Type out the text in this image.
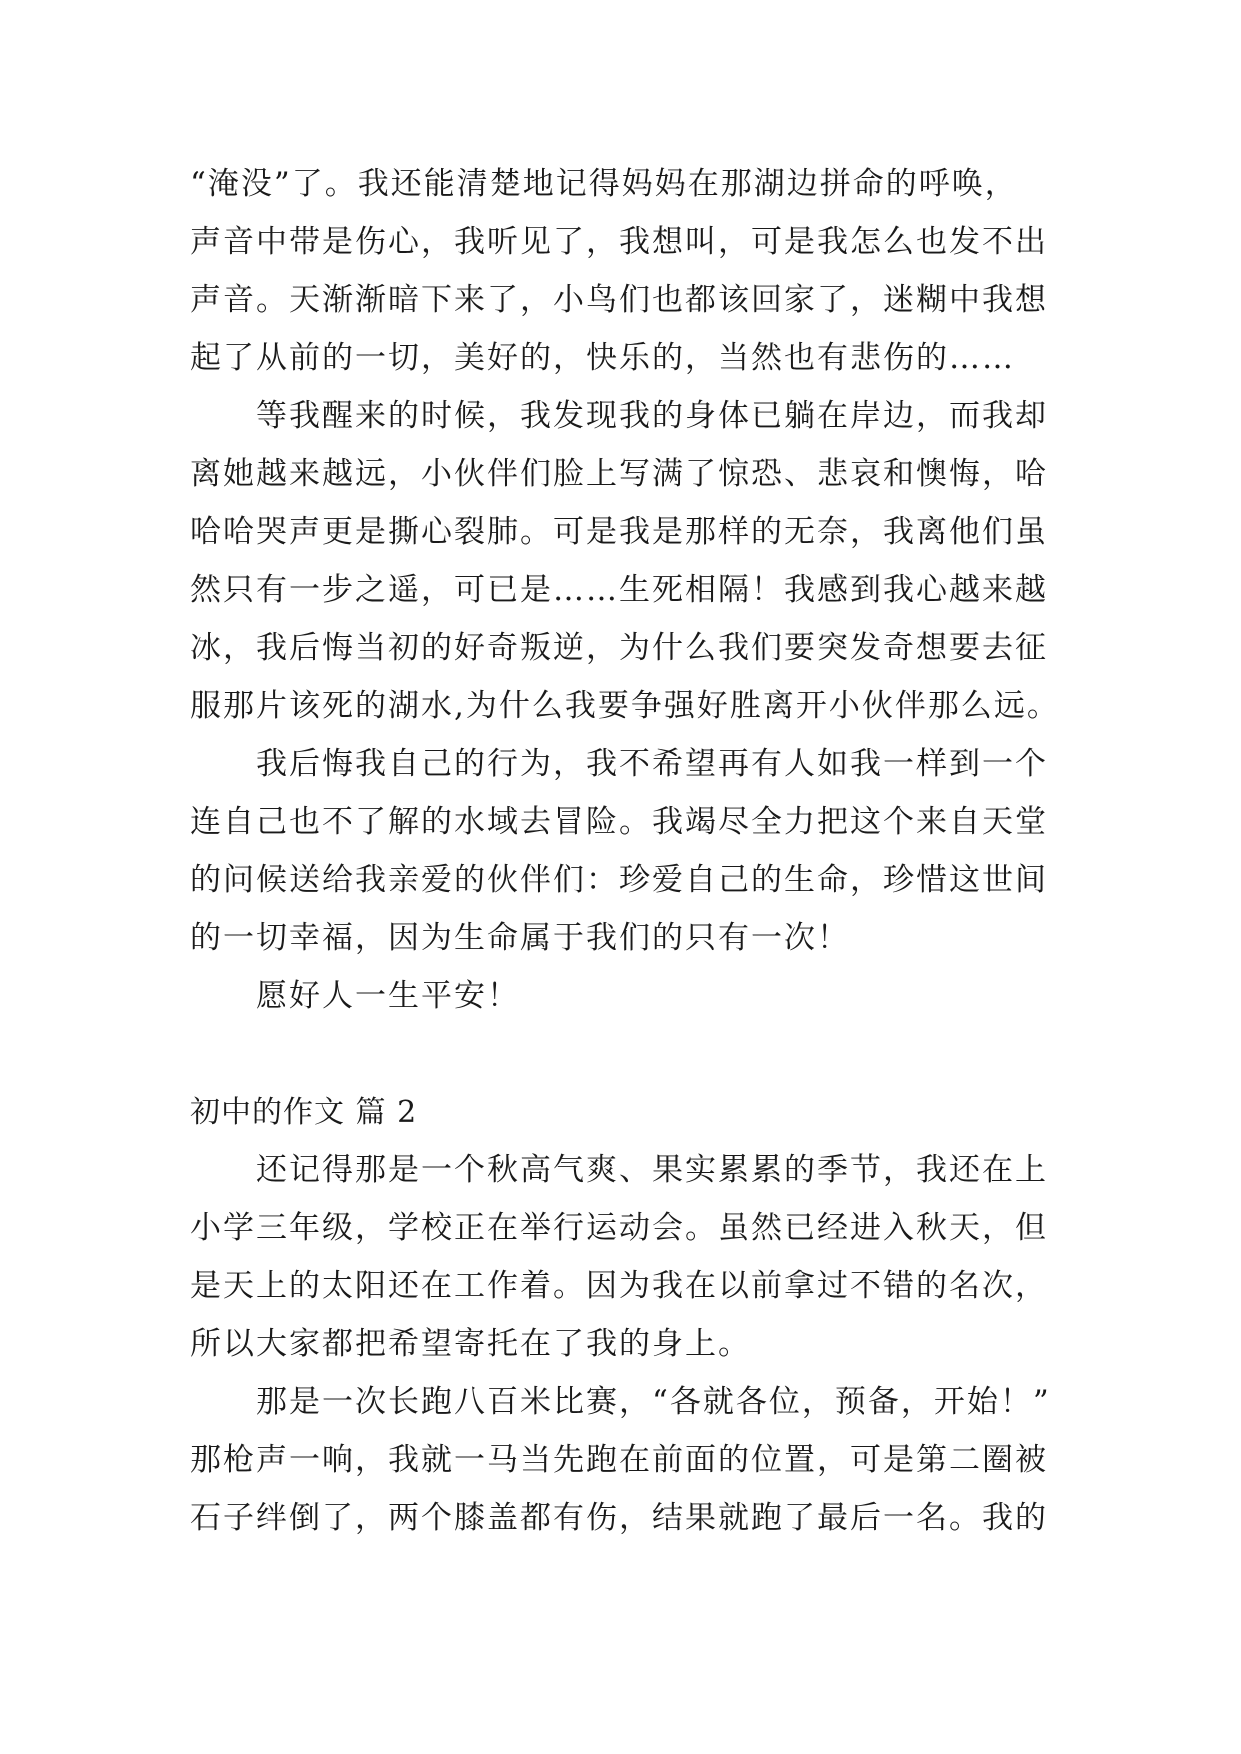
“淹没”了。我还能清楚地记得妈妈在那湖边拼命的呼唤，
声音中带是伤心，我听见了，我想叫，可是我怎么也发不出
声音。天渐渐暗下来了，小鸟们也都该回家了，迷糊中我想
起了从前的一切，美好的，快乐的，当然也有悲伤的……
　　等我醒来的时候，我发现我的身体已躺在岸边，而我却
离她越来越远，小伙伴们脸上写满了惊恐、悲哀和懊悔，哈
哈哈哭声更是撕心裂肺。可是我是那样的无奈，我离他们虽
然只有一步之遥，可已是……生死相隔！我感到我心越来越
冰，我后悔当初的好奇叛逆，为什么我们要突发奇想要去征
服那片该死的湖水,为什么我要争强好胜离开小伙伴那么远。
　　我后悔我自己的行为，我不希望再有人如我一样到一个
连自己也不了解的水域去冒险。我竭尽全力把这个来自天堂
的问候送给我亲爱的伙伴们：珍爱自己的生命，珍惜这世间
的一切幸福，因为生命属于我们的只有一次！
　　愿好人一生平安！
初中的作文 篇 2
　　还记得那是一个秋高气爽、果实累累的季节，我还在上
小学三年级，学校正在举行运动会。虽然已经进入秋天，但
是天上的太阳还在工作着。因为我在以前拿过不错的名次，
所以大家都把希望寄托在了我的身上。
　　那是一次长跑八百米比赛，“各就各位，预备，开始！”
那枪声一响，我就一马当先跑在前面的位置，可是第二圈被
石子绊倒了，两个膝盖都有伤，结果就跑了最后一名。我的
